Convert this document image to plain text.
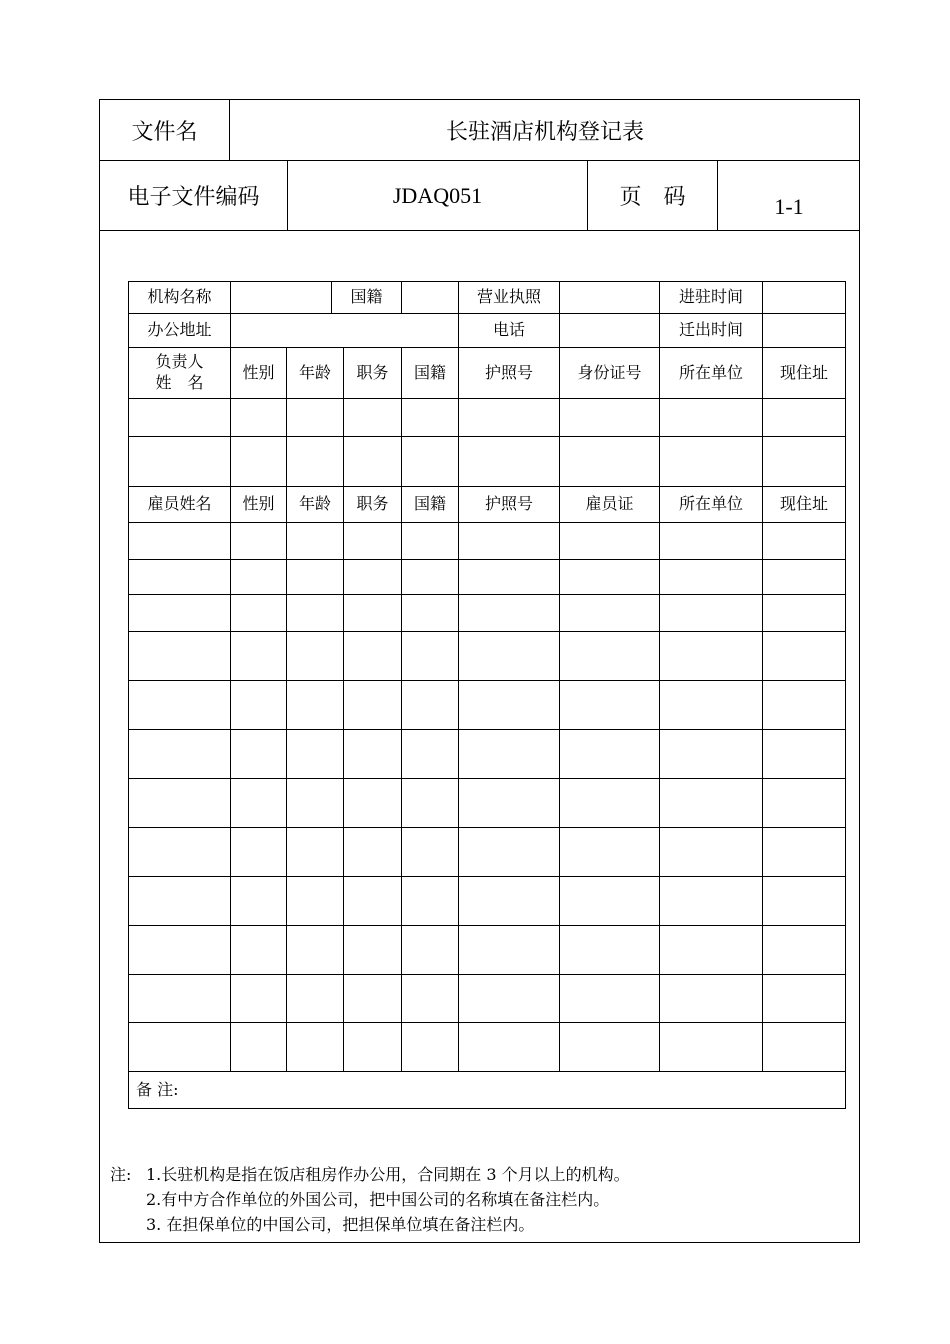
文件名	长驻酒店机构登记表
电子文件编码	JDAQ051	页　码	1-1
机构名称	国籍	营业执照	进驻时间
办公地址	电话	迁出时间
负责人
姓　名
性别	年龄	职务	国籍	护照号	身份证号	所在单位	现住址
雇员姓名	性别	年龄	职务	国籍	护照号	雇员证	所在单位	现住址
备 注:
注: 1.长驻机构是指在饭店租房作办公用，合同期在 3 个月以上的机构。
2.有中方合作单位的外国公司，把中国公司的名称填在备注栏内。
3. 在担保单位的中国公司，把担保单位填在备注栏内。
